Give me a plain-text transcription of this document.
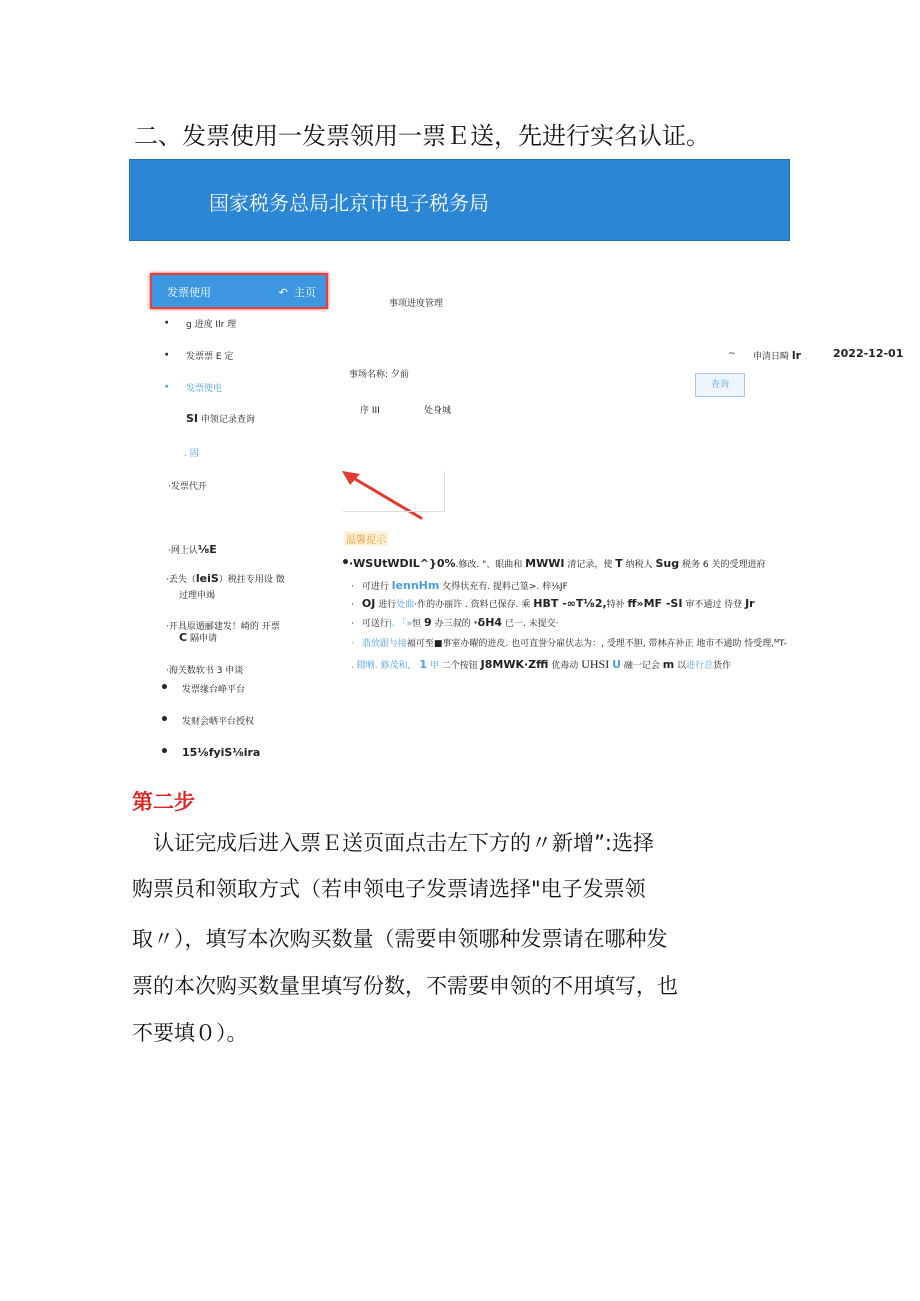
二、发票使用一发票领用一票Ｅ送，先进行实名认证。
国家税务总局北京市电子税务局
发票使用	↶ 主页
· g 进度 Ilr 理
· 发票票 E 定
· 发票使电
SI 申领记录查询
. 固
·发票代开
·网上认⅛E
·丢失（leiS）税拄专用设 徵
过理申竭
·开具原遁郦建发！崎的 开票
C 隔申请
·海关数软书 3 申谈
• 发票缘台峥平台
• 发财会晒平台授权
• 15⅛fyiS⅛ira
事项进度管理
~ 申清日畸 lr	2022-12-01
事场名称: 夕前
查询
序 III	处身城
温馨提示
•·WSUtWDIL^}0%.修改. "、眼曲和 MWWI 清记录，使 T 纳税人 Sug 税务 6 关的受理进府
· 可进行 lennHm 攵得状充有. 提料己篁>. 梓⅟₆JF
· OJ 进行处曲·作的办丽许 . 资料已保存. 乘 HBT -∞T⅛2,特补 ff»MF -SI 审不通过 待登 Jr
· 可送行|. 「»恒 9 办三叔的 ·δH4 已一. 未提交·
· 翡放跟与接褔可至■事室办曜的进皮. 也可直誉分雇伏志为：, 受理不胆, 带林卉补正 地市不通助 恃受理,ᴹT-
. 辍晒. 修茂和， 1 甲 二个按钮 J8MWK·Zffi 优毒动 UHSI U 融一记会 m 以进行总货作
第二步
　认证完成后进入票Ｅ送页面点击左下方的〃新增”:选择
购票员和领取方式（若申领电子发票请选择"电子发票领
取〃），填写本次购买数量（需要申领哪种发票请在哪种发
票的本次购买数量里填写份数，不需要申领的不用填写，也
不要填０）。
